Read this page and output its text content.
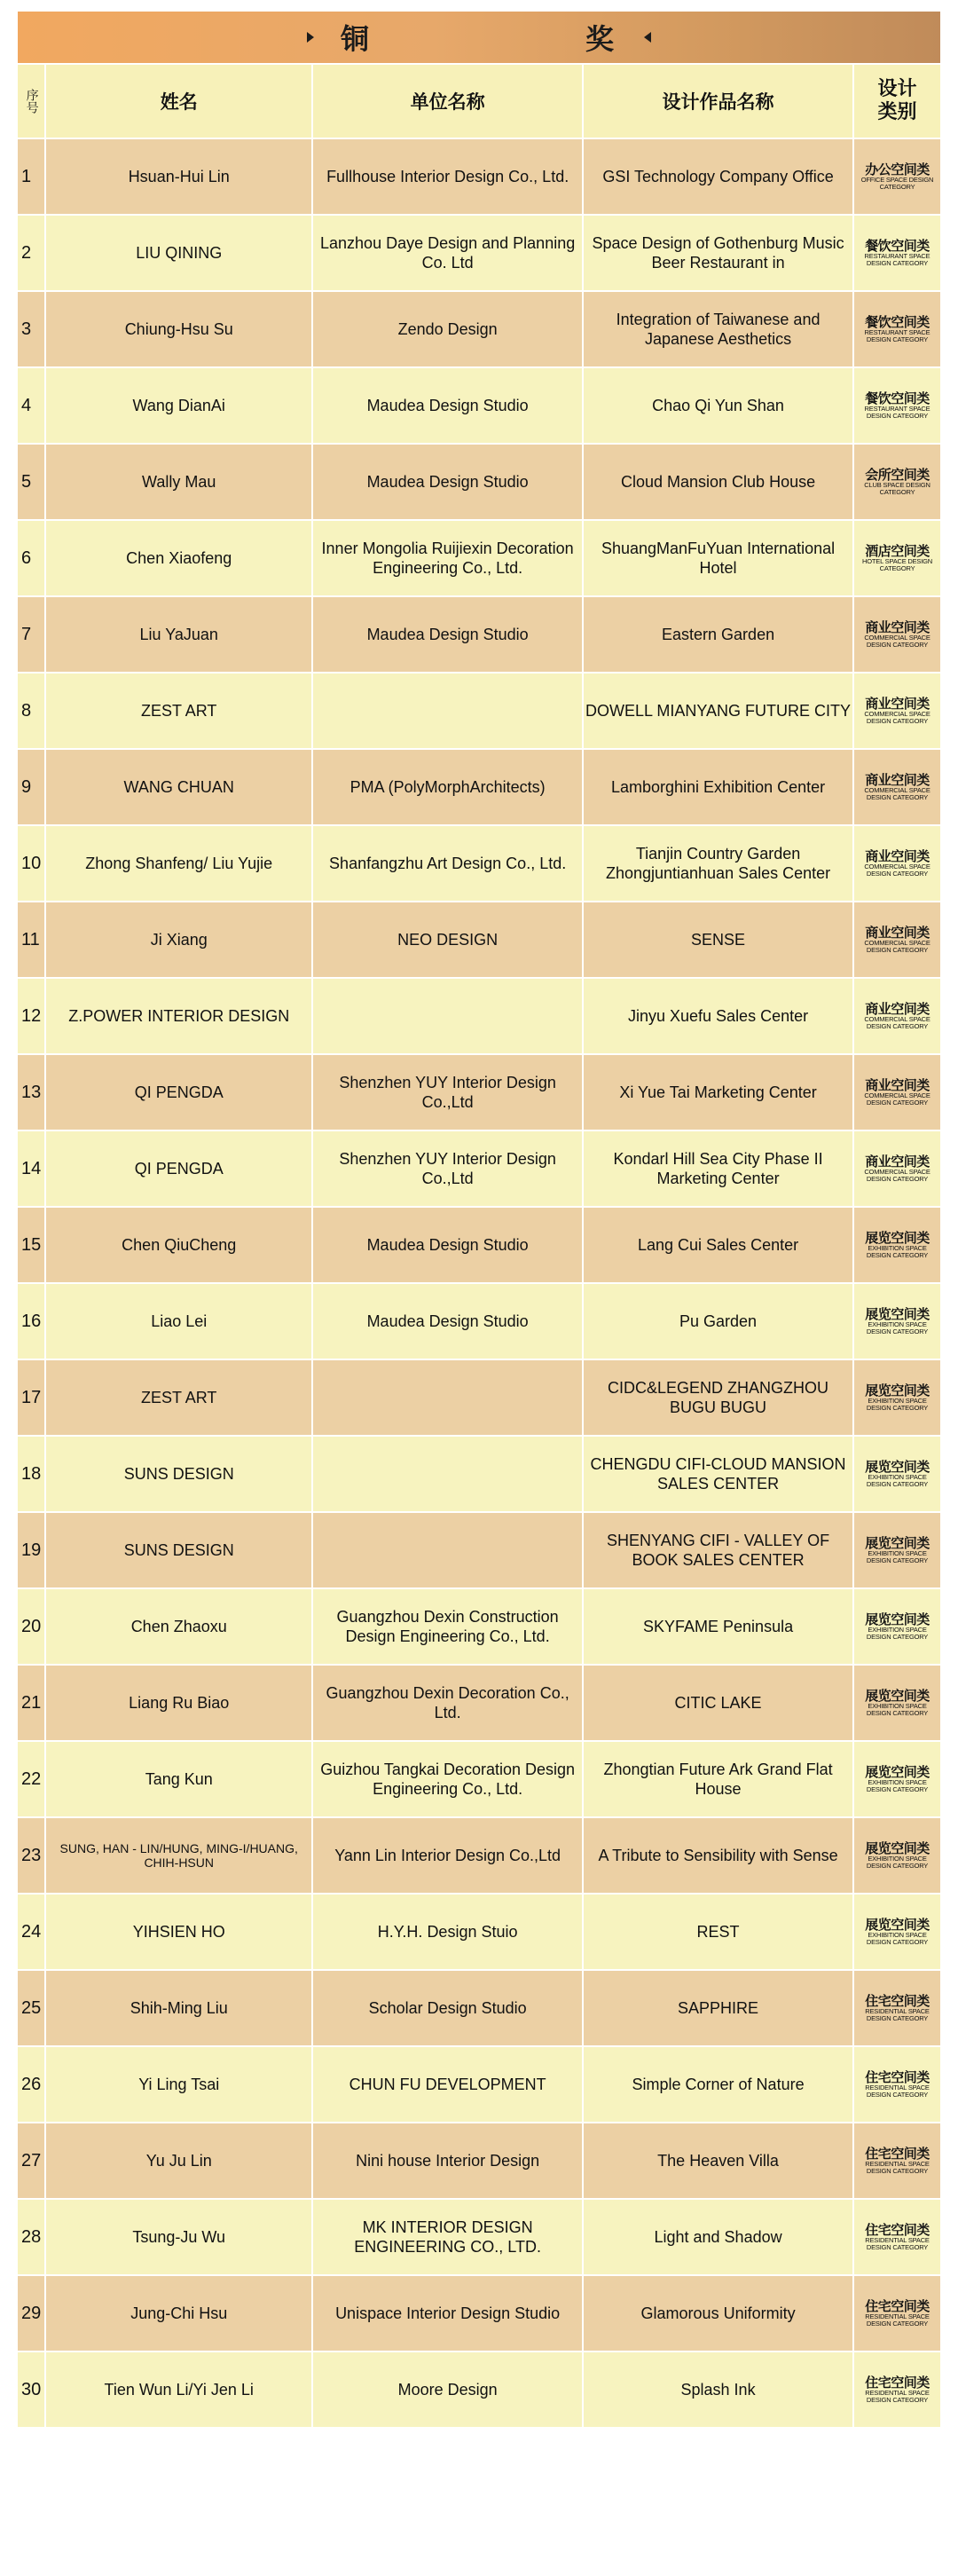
铜	奖
序号	姓名	单位名称	设计作品名称	设计类别
1	Hsuan-Hui Lin	Fullhouse Interior Design Co., Ltd.	GSI Technology Company Office	办公空间类
OFFICE SPACE DESIGN CATEGORY

2	LIU QINING	Lanzhou Daye Design and Planning Co. Ltd	Space Design of Gothenburg Music Beer Restaurant in	餐饮空间类
RESTAURANT SPACE DESIGN CATEGORY

3	Chiung-Hsu Su	Zendo Design	Integration of Taiwanese and Japanese Aesthetics	餐饮空间类
RESTAURANT SPACE DESIGN CATEGORY

4	Wang DianAi	Maudea Design Studio	Chao Qi Yun Shan	餐饮空间类
RESTAURANT SPACE DESIGN CATEGORY

5	Wally Mau	Maudea Design Studio	Cloud Mansion Club House	会所空间类
CLUB SPACE DESIGN CATEGORY

6	Chen Xiaofeng	Inner Mongolia Ruijiexin Decoration Engineering Co., Ltd.	ShuangManFuYuan International Hotel	酒店空间类
HOTEL SPACE DESIGN CATEGORY

7	Liu YaJuan	Maudea Design Studio	Eastern Garden	商业空间类
COMMERCIAL SPACE DESIGN CATEGORY

8	ZEST ART		DOWELL MIANYANG FUTURE CITY	商业空间类
COMMERCIAL SPACE DESIGN CATEGORY

9	WANG CHUAN	PMA (PolyMorphArchitects)	Lamborghini Exhibition Center	商业空间类
COMMERCIAL SPACE DESIGN CATEGORY

10	Zhong Shanfeng/ Liu Yujie	Shanfangzhu Art Design Co., Ltd.	Tianjin Country Garden Zhongjuntianhuan Sales Center	商业空间类
COMMERCIAL SPACE DESIGN CATEGORY

11	Ji Xiang	NEO DESIGN	SENSE	商业空间类
COMMERCIAL SPACE DESIGN CATEGORY

12	Z.POWER INTERIOR DESIGN		Jinyu Xuefu Sales Center	商业空间类
COMMERCIAL SPACE DESIGN CATEGORY

13	QI PENGDA	Shenzhen YUY Interior Design Co.,Ltd	Xi Yue Tai Marketing Center	商业空间类
COMMERCIAL SPACE DESIGN CATEGORY

14	QI PENGDA	Shenzhen YUY Interior Design Co.,Ltd	Kondarl Hill Sea City Phase II Marketing Center	商业空间类
COMMERCIAL SPACE DESIGN CATEGORY

15	Chen QiuCheng	Maudea Design Studio	Lang Cui Sales Center	展览空间类
EXHIBITION SPACE DESIGN CATEGORY

16	Liao Lei	Maudea Design Studio	Pu Garden	展览空间类
EXHIBITION SPACE DESIGN CATEGORY

17	ZEST ART		CIDC&LEGEND ZHANGZHOU BUGU BUGU	展览空间类
EXHIBITION SPACE DESIGN CATEGORY

18	SUNS DESIGN		CHENGDU CIFI-CLOUD MANSION SALES CENTER	展览空间类
EXHIBITION SPACE DESIGN CATEGORY

19	SUNS DESIGN		SHENYANG CIFI - VALLEY OF BOOK SALES CENTER	展览空间类
EXHIBITION SPACE DESIGN CATEGORY

20	Chen Zhaoxu	Guangzhou Dexin Construction Design Engineering Co., Ltd.	SKYFAME Peninsula	展览空间类
EXHIBITION SPACE DESIGN CATEGORY

21	Liang Ru Biao	Guangzhou Dexin Decoration Co., Ltd.	CITIC LAKE	展览空间类
EXHIBITION SPACE DESIGN CATEGORY

22	Tang Kun	Guizhou Tangkai Decoration Design Engineering Co., Ltd.	Zhongtian Future Ark Grand Flat House	展览空间类
EXHIBITION SPACE DESIGN CATEGORY

23	SUNG, HAN - LIN/HUNG, MING-I/HUANG, CHIH-HSUN	Yann Lin Interior Design Co.,Ltd	A Tribute to Sensibility with Sense	展览空间类
EXHIBITION SPACE DESIGN CATEGORY

24	YIHSIEN HO	H.Y.H. Design Stuio	REST	展览空间类
EXHIBITION SPACE DESIGN CATEGORY

25	Shih-Ming Liu	Scholar Design Studio	SAPPHIRE	住宅空间类
RESIDENTIAL SPACE DESIGN CATEGORY

26	Yi Ling Tsai	CHUN FU DEVELOPMENT	Simple Corner of Nature	住宅空间类
RESIDENTIAL SPACE DESIGN CATEGORY

27	Yu Ju Lin	Nini house Interior Design	The Heaven Villa	住宅空间类
RESIDENTIAL SPACE DESIGN CATEGORY

28	Tsung-Ju Wu	MK INTERIOR DESIGN ENGINEERING CO., LTD.	Light and Shadow	住宅空间类
RESIDENTIAL SPACE DESIGN CATEGORY

29	Jung-Chi Hsu	Unispace Interior Design Studio	Glamorous Uniformity	住宅空间类
RESIDENTIAL SPACE DESIGN CATEGORY

30	Tien Wun Li/Yi Jen Li	Moore Design	Splash Ink	住宅空间类
RESIDENTIAL SPACE DESIGN CATEGORY
